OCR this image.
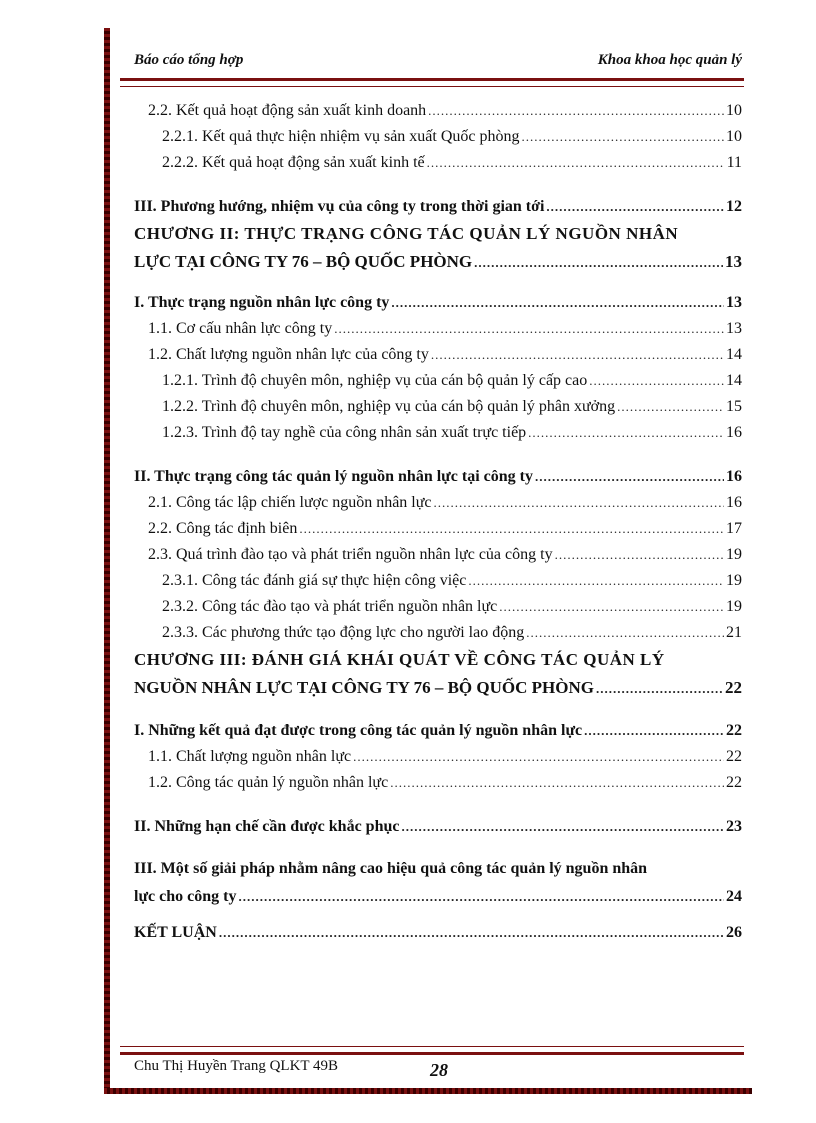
Báo cáo tổng hợp	Khoa khoa học quản lý
2.2. Kết quả hoạt động sản xuất kinh doanh .....	10
2.2.1. Kết quả thực hiện nhiệm vụ sản xuất Quốc phòng .....	10
2.2.2. Kết quả hoạt động sản xuất kinh tế .....	11
III. Phương hướng, nhiệm vụ của công ty trong thời gian tới .....	12
CHƯƠNG II: THỰC TRẠNG CÔNG TÁC QUẢN LÝ NGUỒN NHÂN
LỰC TẠI CÔNG TY 76 – BỘ QUỐC PHÒNG .....	13
I. Thực trạng nguồn nhân lực công ty .....	13
1.1. Cơ cấu nhân lực công ty .....	13
1.2. Chất lượng nguồn nhân lực của công ty .....	14
1.2.1. Trình độ chuyên môn, nghiệp vụ của cán bộ quản lý cấp cao .....	14
1.2.2. Trình độ chuyên môn, nghiệp vụ của cán bộ quản lý phân xưởng .....	15
1.2.3. Trình độ tay nghề của công nhân sản xuất trực tiếp .....	16
II. Thực trạng công tác quản lý nguồn nhân lực tại công ty .....	16
2.1. Công tác lập chiến lược nguồn nhân lực .....	16
2.2. Công tác định biên .....	17
2.3. Quá trình đào tạo và phát triển nguồn nhân lực của công ty .....	19
2.3.1. Công tác đánh giá sự thực hiện công việc .....	19
2.3.2. Công tác đào tạo và phát triển nguồn nhân lực .....	19
2.3.3. Các phương thức tạo động lực cho người lao động .....	21
CHƯƠNG III: ĐÁNH GIÁ KHÁI QUÁT VỀ CÔNG TÁC QUẢN LÝ
NGUỒN NHÂN LỰC TẠI CÔNG TY 76 – BỘ QUỐC PHÒNG .....	22
I. Những kết quả đạt được trong công tác quản lý nguồn nhân lực .....	22
1.1. Chất lượng nguồn nhân lực .....	22
1.2. Công tác quản lý nguồn nhân lực .....	22
II. Những hạn chế cần được khắc phục .....	23
III. Một số giải pháp nhằm nâng cao hiệu quả công tác quản lý nguồn nhân
lực cho công ty .....	24
KẾT LUẬN .....	26
Chu Thị Huyền Trang QLKT 49B	28
